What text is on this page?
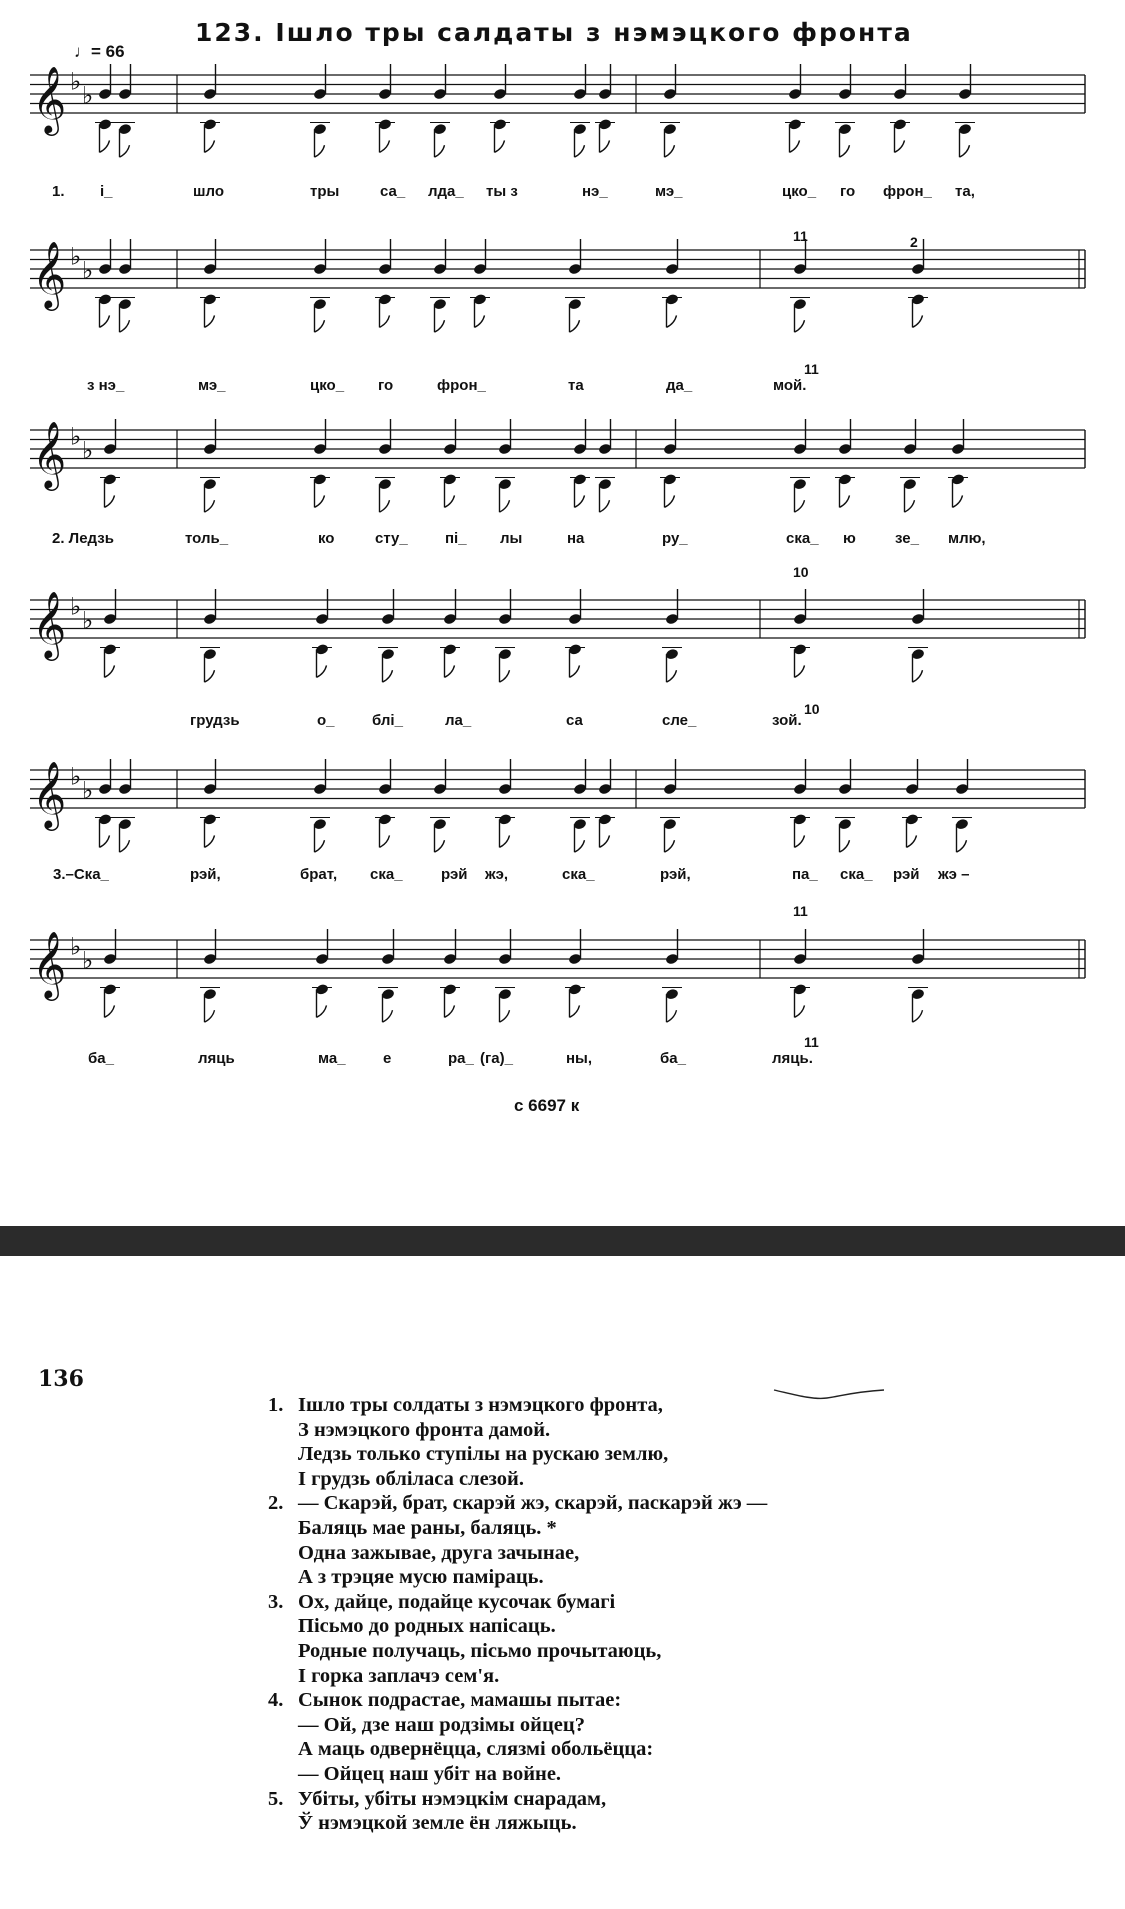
123. Ішло тры салдаты з нэмэцкого фронта
♩= 66
𝄞 ♭
♭
𝄞 ♭
♭
𝄞 ♭
♭
𝄞 ♭
♭
𝄞 ♭
♭
𝄞 ♭
♭
1. і_	шло	тры	са_ лда_ ты з	нэ_	мэ_	цко_ го фрон_ та,
з нэ_	мэ_	цко_ го	фрон_	та	да_	мой.
2. Ледзь	толь_	ко	сту_ пі_ лы	на	ру_	ска_ ю	зе_ млю,
грудзь	о_ блі_	ла_	са	сле_	зой.
3.–Ска_	рэй,	брат, ска_	рэй жэ,	ска_	рэй,	па_ ска_ рэй жэ –
ба_	ляць	ма_ е	ра_ (га)_	ны,	ба_	ляць.
11	2
11
10
10
11
11
с 6697 к
136
1. Ішло тры солдаты з нэмэцкого фронта,
З нэмэцкого фронта дамой.
Ледзь только ступілы на рускаю землю,
І грудзь обліласа слезой.
2. — Скарэй, брат, скарэй жэ, скарэй, паскарэй жэ —
Баляць мае раны, баляць. *
Одна зажывае, друга зачынае,
А з трэцяе мусю паміраць.
3. Ох, дайце, подайце кусочак бумагі
Пісьмо до родных напісаць.
Родные получаць, пісьмо прочытаюць,
І горка заплачэ сем'я.
4. Сынок подрастае, мамашы пытае:
— Ой, дзе наш родзімы ойцец?
А маць одвернёцца, слязмі обольёцца:
— Ойцец наш убіт на войне.
5. Убіты, убіты нэмэцкім снарадам,
Ў нэмэцкой земле ён ляжыць.
